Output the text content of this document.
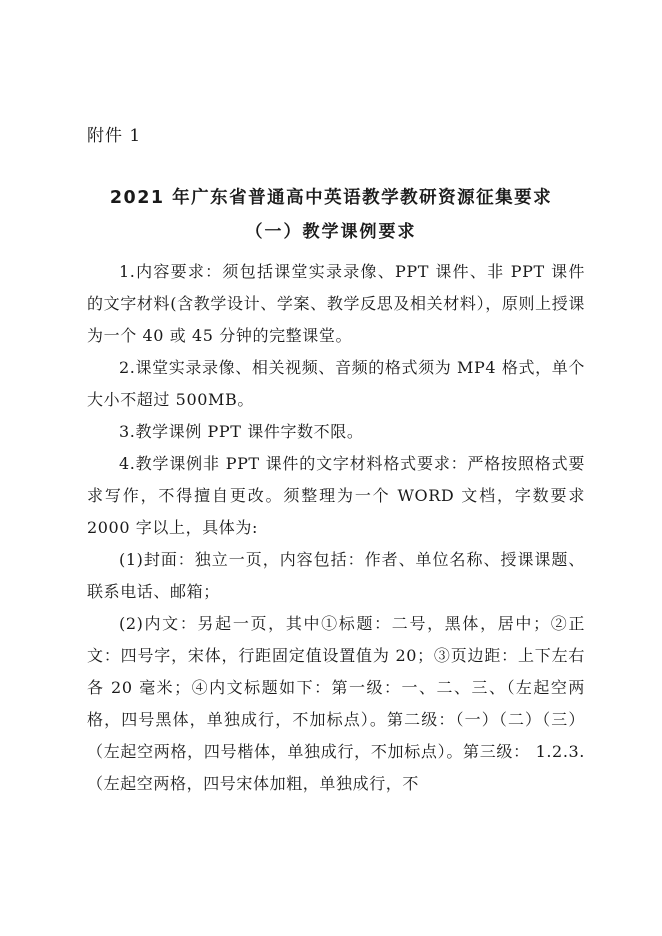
附件 1
2021 年广东省普通高中英语教学教研资源征集要求
（一）教学课例要求

1.内容要求：须包括课堂实录录像、PPT 课件、非 PPT 课件的文字材料(含教学设计、学案、教学反思及相关材料），原则上授课为一个 40 或 45 分钟的完整课堂。

2.课堂实录录像、相关视频、音频的格式须为 MP4 格式，单个大小不超过 500MB。

3.教学课例 PPT 课件字数不限。

4.教学课例非 PPT 课件的文字材料格式要求：严格按照格式要求写作，不得擅自更改。须整理为一个 WORD 文档，字数要求 2000 字以上，具体为:

(1)封面：独立一页，内容包括：作者、单位名称、授课课题、联系电话、邮箱；

(2)内文：另起一页，其中①标题：二号，黑体，居中；②正文：四号字，宋体，行距固定值设置值为 20；③页边距：上下左右各 20 毫米；④内文标题如下：第一级：一、二、三、（左起空两格，四号黑体，单独成行，不加标点）。第二级：（一）（二）（三）（左起空两格，四号楷体，单独成行，不加标点）。第三级： 1.2.3.（左起空两格，四号宋体加粗，单独成行，不
